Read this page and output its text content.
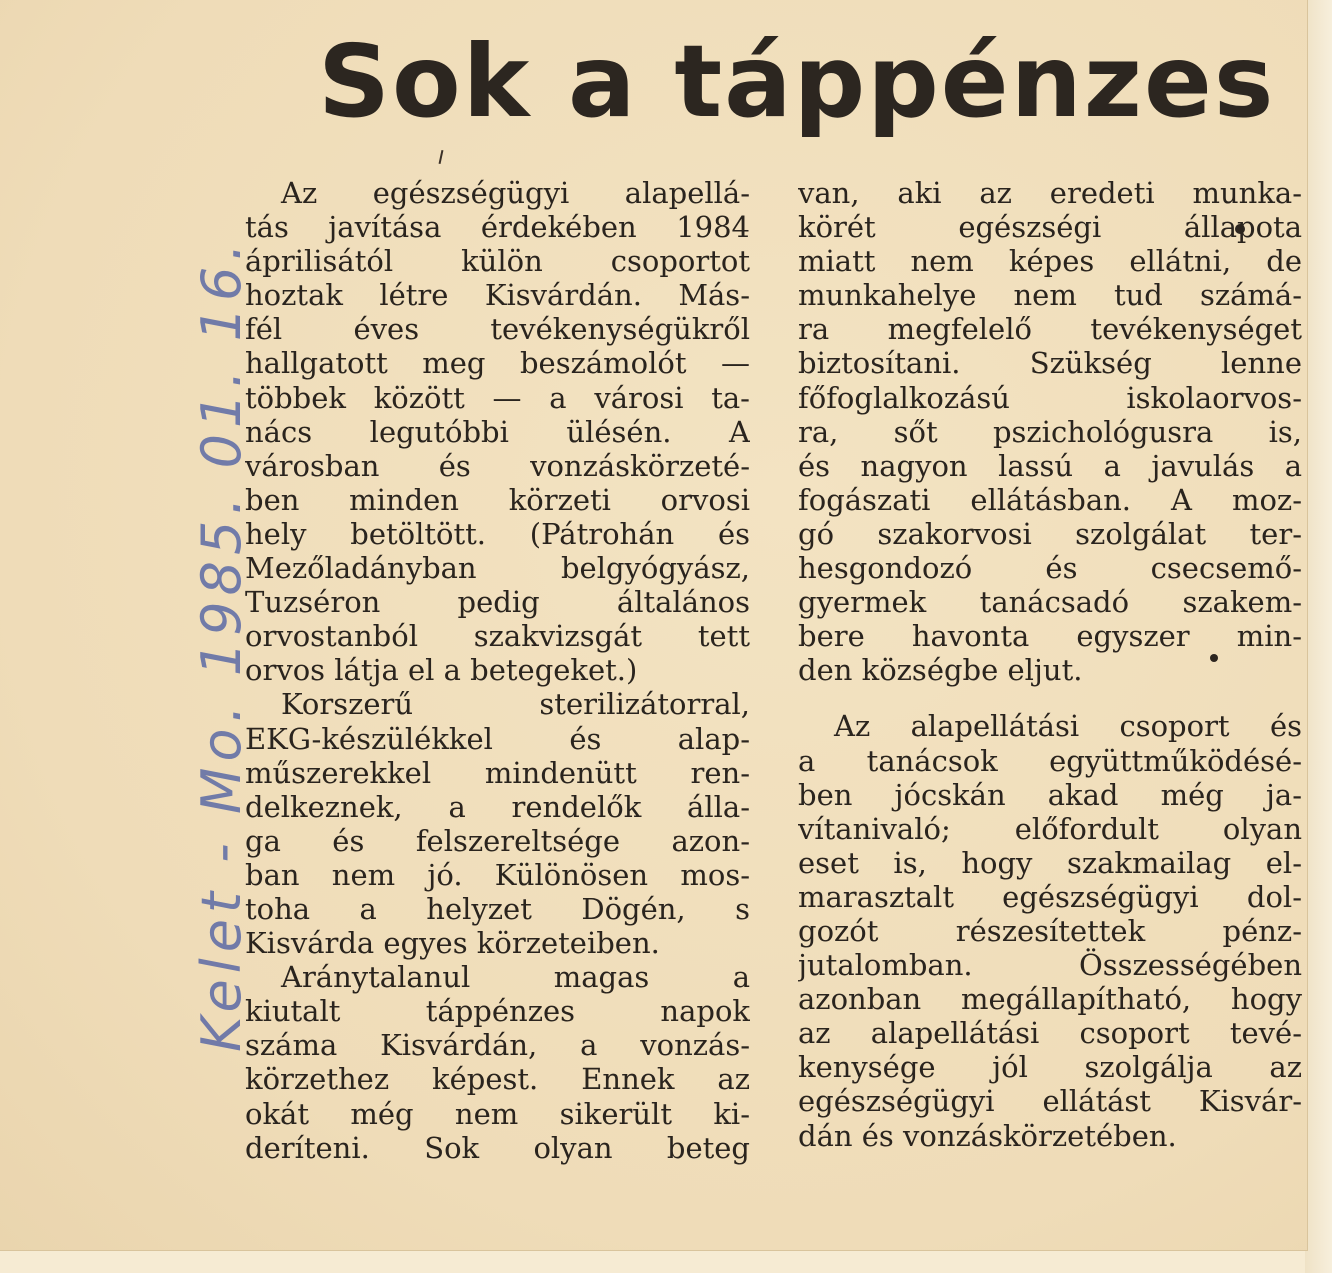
Sok a táppénzes
Kelet - Mo. 1985. 01. 16.
Az egészségügyi alapellá-
tás javítása érdekében 1984
áprilisától külön csoportot
hoztak létre Kisvárdán. Más-
fél éves tevékenységükről
hallgatott meg beszámolót —
többek között — a városi ta-
nács legutóbbi ülésén. A
városban és vonzáskörzeté-
ben minden körzeti orvosi
hely betöltött. (Pátrohán és
Mezőladányban belgyógyász,
Tuzséron pedig általános
orvostanból szakvizsgát tett
orvos látja el a betegeket.)
Korszerű sterilizátorral,
EKG-készülékkel és alap-
műszerekkel mindenütt ren-
delkeznek, a rendelők álla-
ga és felszereltsége azon-
ban nem jó. Különösen mos-
toha a helyzet Dögén, s
Kisvárda egyes körzeteiben.
Aránytalanul magas a
kiutalt táppénzes napok
száma Kisvárdán, a vonzás-
körzethez képest. Ennek az
okát még nem sikerült ki-
deríteni. Sok olyan beteg
van, aki az eredeti munka-
körét egészségi állapota
miatt nem képes ellátni, de
munkahelye nem tud számá-
ra megfelelő tevékenységet
biztosítani. Szükség lenne
főfoglalkozású iskolaorvos-
ra, sőt pszichológusra is,
és nagyon lassú a javulás a
fogászati ellátásban. A moz-
gó szakorvosi szolgálat ter-
hesgondozó és csecsemő-
gyermek tanácsadó szakem-
bere havonta egyszer min-
den községbe eljut.
Az alapellátási csoport és
a tanácsok együttműködésé-
ben jócskán akad még ja-
vítanivaló; előfordult olyan
eset is, hogy szakmailag el-
marasztalt egészségügyi dol-
gozót részesítettek pénz-
jutalomban. Összességében
azonban megállapítható, hogy
az alapellátási csoport tevé-
kenysége jól szolgálja az
egészségügyi ellátást Kisvár-
dán és vonzáskörzetében.
